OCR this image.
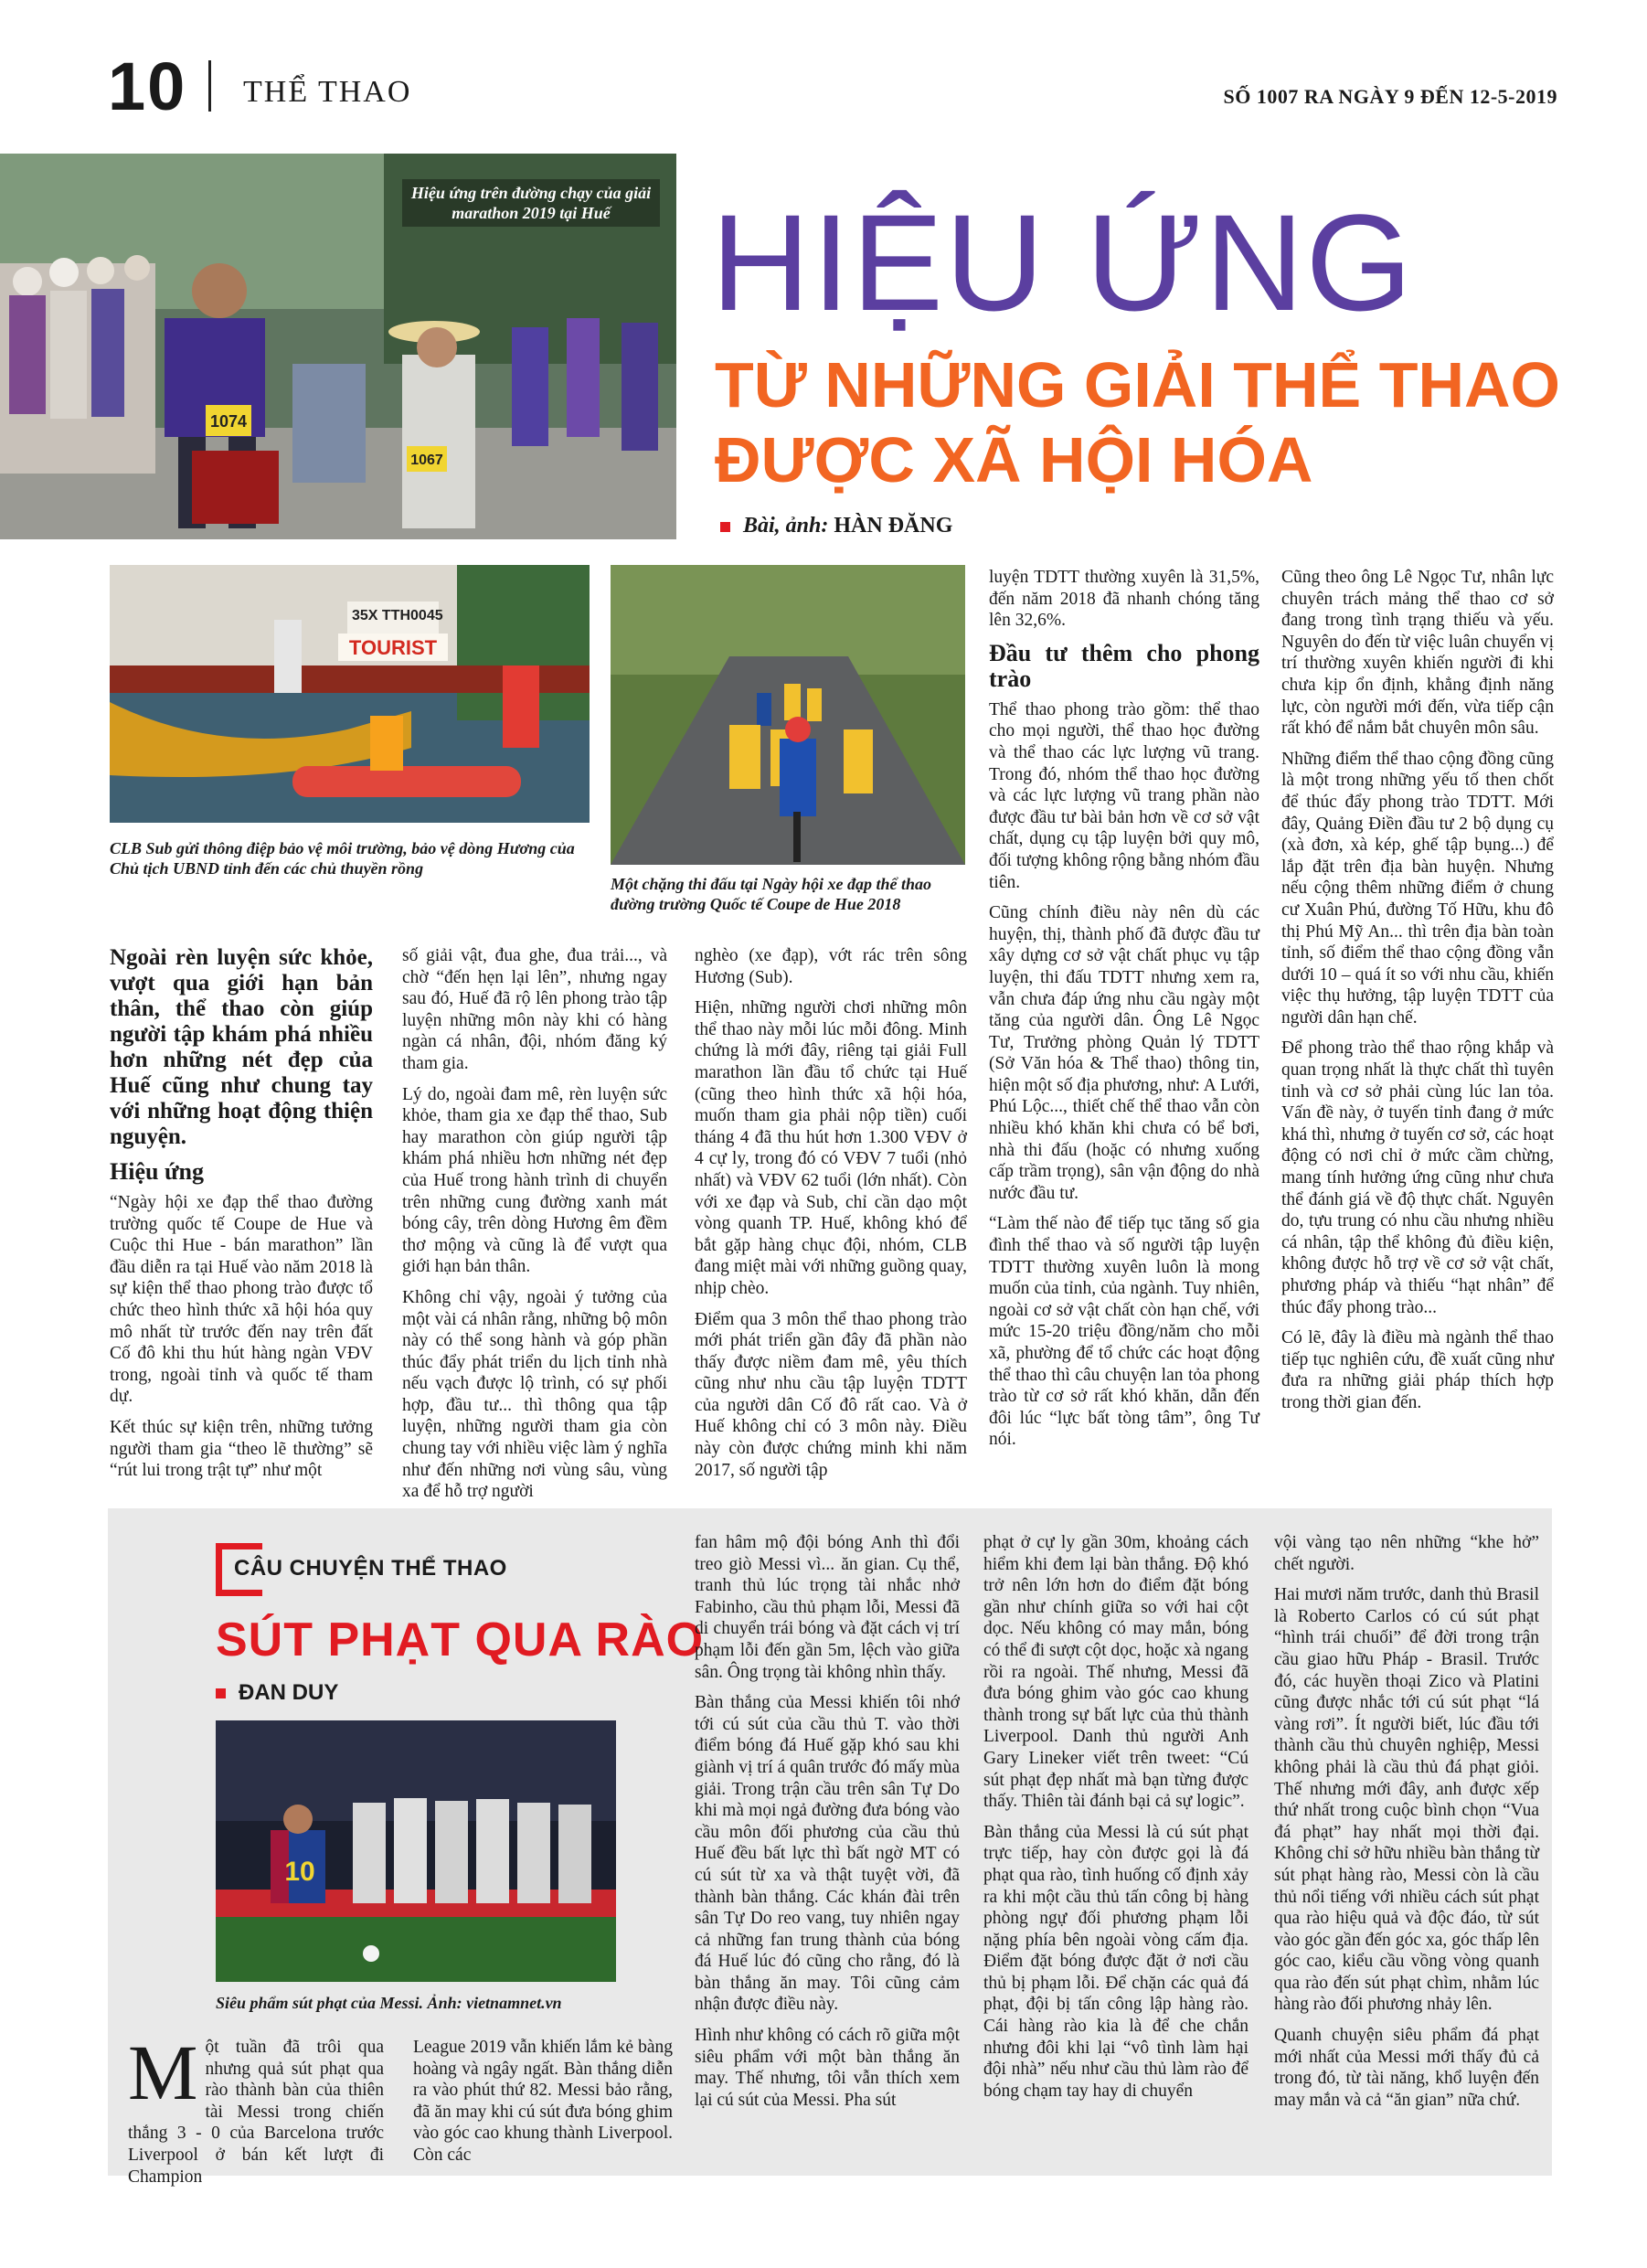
10 THỂ THAO	SỐ 1007 RA NGÀY 9 ĐẾN 12-5-2019
1074
1067
Hiệu ứng trên đường chạy của giải marathon 2019 tại Huế HIỆU ỨNG
TỪ NHỮNG GIẢI THỂ THAO ĐƯỢC XÃ HỘI HÓA
Bài, ảnh: HÀN ĐĂNG
35X TTH0045
TOURIST
CLB Sub gửi thông điệp bảo vệ môi trường, bảo vệ dòng Hương của Chủ tịch UBND tỉnh đến các chủ thuyền rồng
Một chặng thi đấu tại Ngày hội xe đạp thể thao đường trường Quốc tế Coupe de Hue 2018

Ngoài rèn luyện sức khỏe, vượt qua giới hạn bản thân, thể thao còn giúp người tập khám phá nhiều hơn những nét đẹp của Huế cũng như chung tay với những hoạt động thiện nguyện.

Hiệu ứng

“Ngày hội xe đạp thể thao đường trường quốc tế Coupe de Hue và Cuộc thi Hue - bán marathon” lần đầu diễn ra tại Huế vào năm 2018 là sự kiện thể thao phong trào được tổ chức theo hình thức xã hội hóa quy mô nhất từ trước đến nay trên đất Cố đô khi thu hút hàng ngàn VĐV trong, ngoài tỉnh và quốc tế tham dự.

Kết thúc sự kiện trên, những tưởng người tham gia “theo lẽ thường” sẽ “rút lui trong trật tự” như một

số giải vật, đua ghe, đua trải..., và chờ “đến hẹn lại lên”, nhưng ngay sau đó, Huế đã rộ lên phong trào tập luyện những môn này khi có hàng ngàn cá nhân, đội, nhóm đăng ký tham gia.

Lý do, ngoài đam mê, rèn luyện sức khỏe, tham gia xe đạp thể thao, Sub hay marathon còn giúp người tập khám phá nhiều hơn những nét đẹp của Huế trong hành trình di chuyển trên những cung đường xanh mát bóng cây, trên dòng Hương êm đềm thơ mộng và cũng là để vượt qua giới hạn bản thân.

Không chỉ vậy, ngoài ý tưởng của một vài cá nhân rằng, những bộ môn này có thể song hành và góp phần thúc đẩy phát triển du lịch tỉnh nhà nếu vạch được lộ trình, có sự phối hợp, đầu tư... thì thông qua tập luyện, những người tham gia còn chung tay với nhiều việc làm ý nghĩa như đến những nơi vùng sâu, vùng xa để hỗ trợ người

nghèo (xe đạp), vớt rác trên sông Hương (Sub).

Hiện, những người chơi những môn thể thao này mỗi lúc mỗi đông. Minh chứng là mới đây, riêng tại giải Full marathon lần đầu tổ chức tại Huế (cũng theo hình thức xã hội hóa, muốn tham gia phải nộp tiền) cuối tháng 4 đã thu hút hơn 1.300 VĐV ở 4 cự ly, trong đó có VĐV 7 tuổi (nhỏ nhất) và VĐV 62 tuổi (lớn nhất). Còn với xe đạp và Sub, chỉ cần dạo một vòng quanh TP. Huế, không khó để bắt gặp hàng chục đội, nhóm, CLB đang miệt mài với những guồng quay, nhịp chèo.

Điểm qua 3 môn thể thao phong trào mới phát triển gần đây đã phần nào thấy được niềm đam mê, yêu thích cũng như nhu cầu tập luyện TDTT của người dân Cố đô rất cao. Và ở Huế không chỉ có 3 môn này. Điều này còn được chứng minh khi năm 2017, số người tập

luyện TDTT thường xuyên là 31,5%, đến năm 2018 đã nhanh chóng tăng lên 32,6%.

Đầu tư thêm cho phong trào

Thể thao phong trào gồm: thể thao cho mọi người, thể thao học đường và thể thao các lực lượng vũ trang. Trong đó, nhóm thể thao học đường và các lực lượng vũ trang phần nào được đầu tư bài bản hơn về cơ sở vật chất, dụng cụ tập luyện bởi quy mô, đối tượng không rộng bằng nhóm đầu tiên.

Cũng chính điều này nên dù các huyện, thị, thành phố đã được đầu tư xây dựng cơ sở vật chất phục vụ tập luyện, thi đấu TDTT nhưng xem ra, vẫn chưa đáp ứng nhu cầu ngày một tăng của người dân. Ông Lê Ngọc Tư, Trưởng phòng Quản lý TDTT (Sở Văn hóa & Thể thao) thông tin, hiện một số địa phương, như: A Lưới, Phú Lộc..., thiết chế thể thao vẫn còn nhiều khó khăn khi chưa có bể bơi, nhà thi đấu (hoặc có nhưng xuống cấp trầm trọng), sân vận động do nhà nước đầu tư.

“Làm thế nào để tiếp tục tăng số gia đình thể thao và số người tập luyện TDTT thường xuyên luôn là mong muốn của tỉnh, của ngành. Tuy nhiên, ngoài cơ sở vật chất còn hạn chế, với mức 15-20 triệu đồng/năm cho mỗi xã, phường để tổ chức các hoạt động thể thao thì câu chuyện lan tỏa phong trào từ cơ sở rất khó khăn, dẫn đến đôi lúc “lực bất tòng tâm”, ông Tư nói.

Cũng theo ông Lê Ngọc Tư, nhân lực chuyên trách mảng thể thao cơ sở đang trong tình trạng thiếu và yếu. Nguyên do đến từ việc luân chuyển vị trí thường xuyên khiến người đi khi chưa kịp ổn định, khẳng định năng lực, còn người mới đến, vừa tiếp cận rất khó để nắm bắt chuyên môn sâu.

Những điểm thể thao cộng đồng cũng là một trong những yếu tố then chốt để thúc đẩy phong trào TDTT. Mới đây, Quảng Điền đầu tư 2 bộ dụng cụ (xà đơn, xà kép, ghế tập bụng...) để lắp đặt trên địa bàn huyện. Nhưng nếu cộng thêm những điểm ở chung cư Xuân Phú, đường Tố Hữu, khu đô thị Phú Mỹ An... thì trên địa bàn toàn tỉnh, số điểm thể thao cộng đồng vẫn dưới 10 – quá ít so với nhu cầu, khiến việc thụ hưởng, tập luyện TDTT của người dân hạn chế.

Để phong trào thể thao rộng khắp và quan trọng nhất là thực chất thì tuyên tinh và cơ sở phải cùng lúc lan tỏa. Vấn đề này, ở tuyến tỉnh đang ở mức khá thì, nhưng ở tuyến cơ sở, các hoạt động có nơi chỉ ở mức cầm chừng, mang tính hưởng ứng cũng như chưa thể đánh giá về độ thực chất. Nguyên do, tựu trung có nhu cầu nhưng nhiều cá nhân, tập thể không đủ điều kiện, không được hỗ trợ về cơ sở vật chất, phương pháp và thiếu “hạt nhân” để thúc đẩy phong trào...

Có lẽ, đây là điều mà ngành thể thao tiếp tục nghiên cứu, đề xuất cũng như đưa ra những giải pháp thích hợp trong thời gian đến.

CÂU CHUYỆN THỂ THAO
SÚT PHẠT QUA RÀO
ĐAN DUY
10
Siêu phẩm sút phạt của Messi. Ảnh: vietnamnet.vn

Một tuần đã trôi qua nhưng quả sút phạt qua rào thành bàn của thiên tài Messi trong chiến thắng 3 - 0 của Barcelona trước Liverpool ở bán kết lượt đi Champion

League 2019 vẫn khiến lắm kẻ bàng hoàng và ngây ngất. Bàn thắng diễn ra vào phút thứ 82. Messi bảo rằng, đã ăn may khi cú sút đưa bóng ghim vào góc cao khung thành Liverpool. Còn các

fan hâm mộ đội bóng Anh thì đổi treo giò Messi vì... ăn gian. Cụ thể, tranh thủ lúc trọng tài nhắc nhở Fabinho, cầu thủ phạm lỗi, Messi đã di chuyển trái bóng và đặt cách vị trí phạm lỗi đến gần 5m, lệch vào giữa sân. Ông trọng tài không nhìn thấy.

Bàn thắng của Messi khiến tôi nhớ tới cú sút của cầu thủ T. vào thời điểm bóng đá Huế gặp khó sau khi giành vị trí á quân trước đó mấy mùa giải. Trong trận cầu trên sân Tự Do khi mà mọi ngả đường đưa bóng vào cầu môn đối phương của cầu thủ Huế đều bất lực thì bất ngờ MT có cú sút từ xa và thật tuyệt vời, đã thành bàn thắng. Các khán đài trên sân Tự Do reo vang, tuy nhiên ngay cả những fan trung thành của bóng đá Huế lúc đó cũng cho rằng, đó là bàn thắng ăn may. Tôi cũng cảm nhận được điều này.

Hình như không có cách rõ giữa một siêu phẩm với một bàn thắng ăn may. Thế nhưng, tôi vẫn thích xem lại cú sút của Messi. Pha sút

phạt ở cự ly gần 30m, khoảng cách hiểm khi đem lại bàn thắng. Độ khó trở nên lớn hơn do điểm đặt bóng gần như chính giữa so với hai cột dọc. Nếu không có may mắn, bóng có thể đi sượt cột dọc, hoặc xà ngang rồi ra ngoài. Thế nhưng, Messi đã đưa bóng ghim vào góc cao khung thành trong sự bất lực của thủ thành Liverpool. Danh thủ người Anh Gary Lineker viết trên tweet: “Cú sút phạt đẹp nhất mà bạn từng được thấy. Thiên tài đánh bại cả sự logic”.

Bàn thắng của Messi là cú sút phạt trực tiếp, hay còn được gọi là đá phạt qua rào, tình huống cố định xảy ra khi một cầu thủ tấn công bị hàng phòng ngự đối phương phạm lỗi nặng phía bên ngoài vòng cấm địa. Điểm đặt bóng được đặt ở nơi cầu thủ bị phạm lỗi. Để chặn các quả đá phạt, đội bị tấn công lập hàng rào. Cái hàng rào kia là để che chắn nhưng đôi khi lại “vô tình làm hại đội nhà” nếu như cầu thủ làm rào để bóng chạm tay hay di chuyển

vội vàng tạo nên những “khe hở” chết người.

Hai mươi năm trước, danh thủ Brasil là Roberto Carlos có cú sút phạt “hình trái chuối” để đời trong trận cầu giao hữu Pháp - Brasil. Trước đó, các huyền thoại Zico và Platini cũng được nhắc tới cú sút phạt “lá vàng rơi”. Ít người biết, lúc đầu tới thành cầu thủ chuyên nghiệp, Messi không phải là cầu thủ đá phạt giỏi. Thế nhưng mới đây, anh được xếp thứ nhất trong cuộc bình chọn “Vua đá phạt” hay nhất mọi thời đại. Không chỉ sở hữu nhiều bàn thắng từ sút phạt hàng rào, Messi còn là cầu thủ nổi tiếng với nhiều cách sút phạt qua rào hiệu quả và độc đáo, từ sút vào góc gần đến góc xa, góc thấp lên góc cao, kiểu cầu vồng vòng quanh qua rào đến sút phạt chìm, nhằm lúc hàng rào đối phương nhảy lên.

Quanh chuyện siêu phẩm đá phạt mới nhất của Messi mới thấy đủ cả trong đó, từ tài năng, khổ luyện đến may mắn và cả “ăn gian” nữa chứ.
